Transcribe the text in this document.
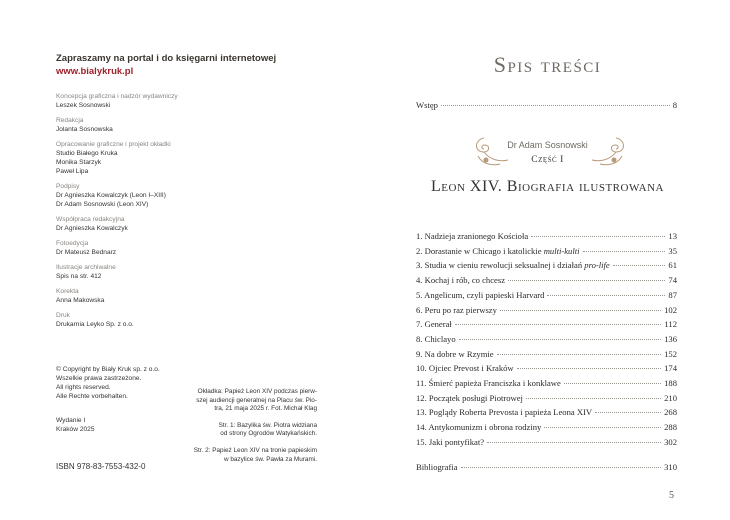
Zapraszamy na portal i do księgarni internetowej
www.bialykruk.pl
Koncepcja graficzna i nadzór wydawniczy
Leszek Sosnowski
Redakcja
Jolanta Sosnowska
Opracowanie graficzne i projekt okładki
Studio Białego Kruka
Monika Starzyk
Paweł Lipa
Podpisy
Dr Agnieszka Kowalczyk (Leon I–XIII)
Dr Adam Sosnowski (Leon XIV)
Współpraca redakcyjna
Dr Agnieszka Kowalczyk
Fotoedycja
Dr Mateusz Bednarz
Ilustracje archiwalne
Spis na str. 412
Korekta
Anna Makowska
Druk
Drukarnia Leyko Sp. z o.o.
© Copyright by Biały Kruk sp. z o.o.
Wszelkie prawa zastrzeżone.
All rights reserved.
Alle Rechte vorbehalten.
Wydanie I
Kraków 2025
ISBN 978-83-7553-432-0
Okładka: Papież Leon XIV podczas pierw-
szej audiencji generalnej na Placu św. Pio-
tra, 21 maja 2025 r. Fot. Michał Klag
Str. 1: Bazylika św. Piotra widziana
od strony Ogrodów Watykańskich.
Str. 2: Papież Leon XIV na tronie papieskim
w bazylice św. Pawła za Murami.
Spis treści
Wstęp	8
Dr Adam Sosnowski
Część I
Leon XIV. Biografia ilustrowana
1. Nadzieja zranionego Kościoła	13
2. Dorastanie w Chicago i katolickie multi-kulti	35
3. Studia w cieniu rewolucji seksualnej i działań pro-life	61
4. Kochaj i rób, co chcesz	74
5. Angelicum, czyli papieski Harvard	87
6. Peru po raz pierwszy	102
7. Generał	112
8. Chiclayo	136
9. Na dobre w Rzymie	152
10. Ojciec Prevost i Kraków	174
11. Śmierć papieża Franciszka i konklawe	188
12. Początek posługi Piotrowej	210
13. Poglądy Roberta Prevosta i papieża Leona XIV	268
14. Antykomunizm i obrona rodziny	288
15. Jaki pontyfikat?	302
Bibliografia	310
5
